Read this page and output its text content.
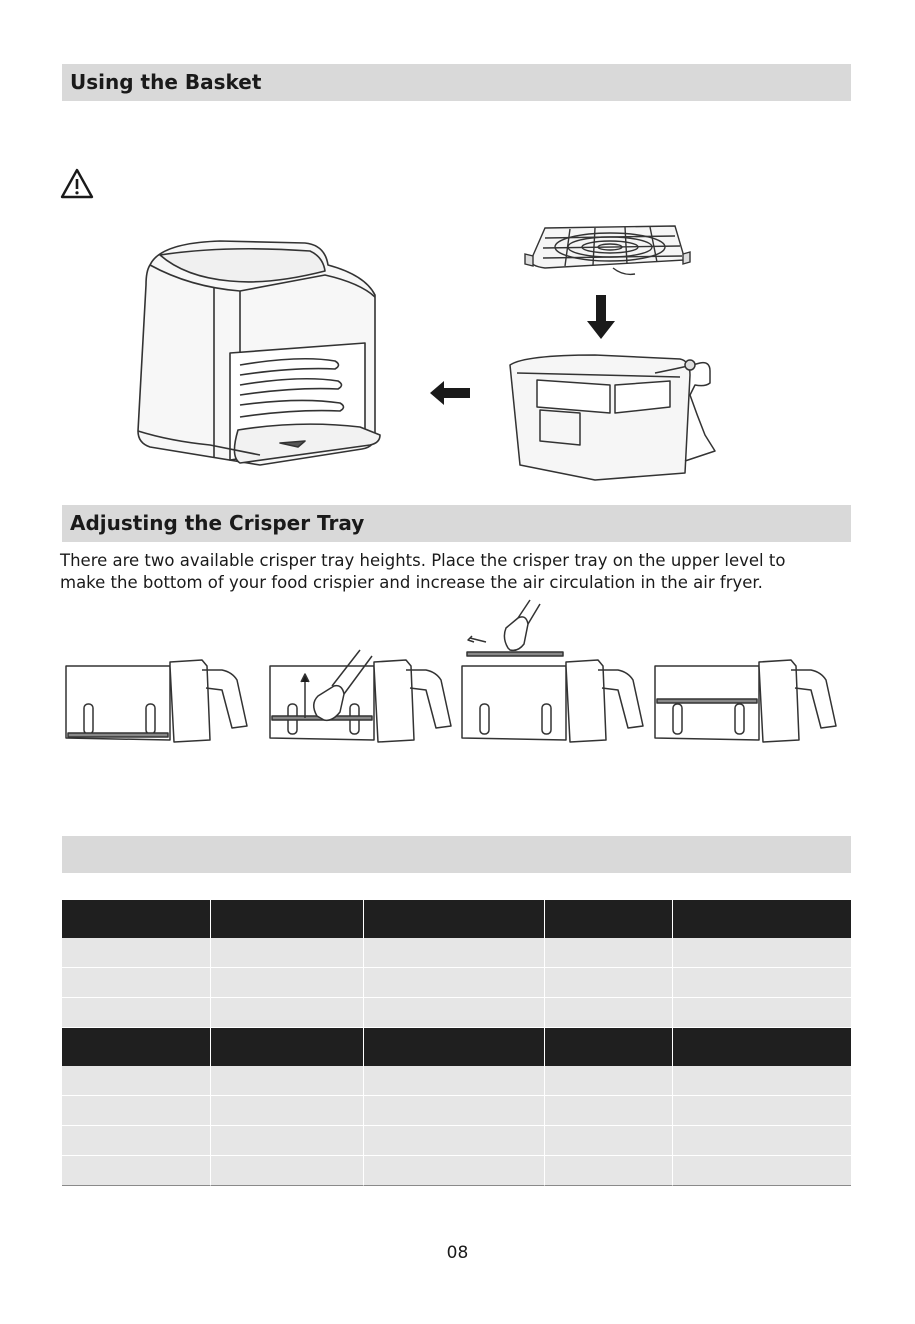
Using the Basket
Adjusting the Crisper Tray
There are two available crisper tray heights. Place the crisper tray on the upper level to
make the bottom of your food crispier and increase the air circulation in the air fryer.
08
